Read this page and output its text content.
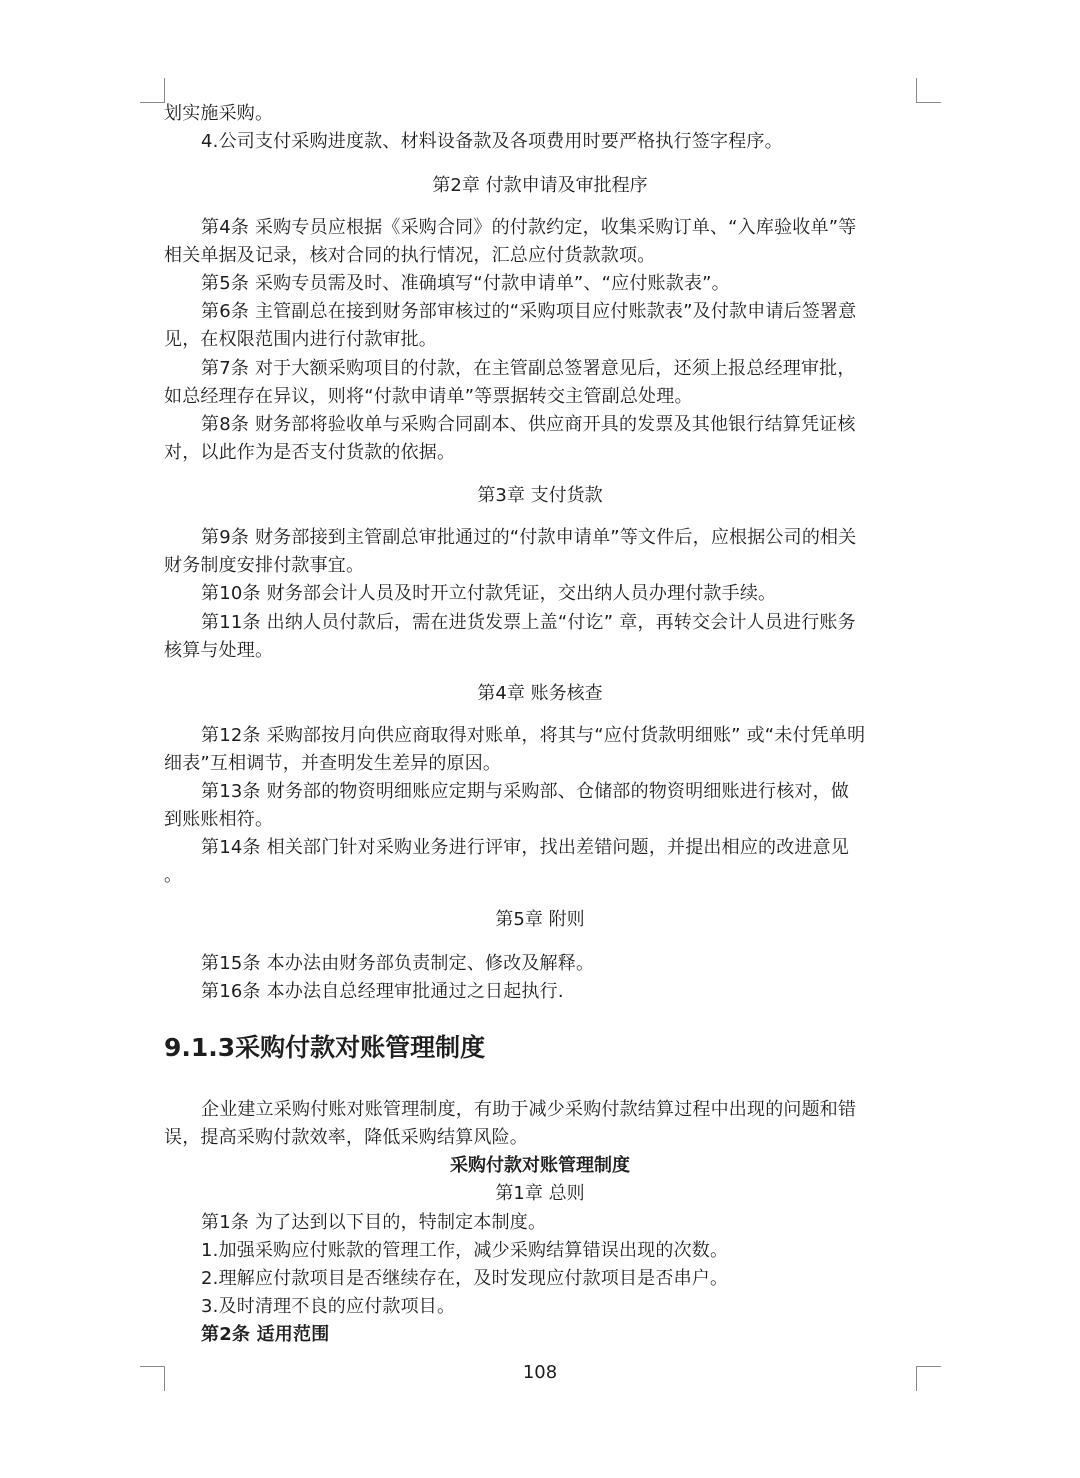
划实施采购。
4.公司支付采购进度款、材料设备款及各项费用时要严格执行签字程序。
第2章 付款申请及审批程序
第4条 采购专员应根据《采购合同》的付款约定，收集采购订单、“入库验收单”等
相关单据及记录，核对合同的执行情况，汇总应付货款款项。
第5条 采购专员需及时、准确填写“付款申请单”、“应付账款表”。
第6条 主管副总在接到财务部审核过的“采购项目应付账款表”及付款申请后签署意
见，在权限范围内进行付款审批。
第7条 对于大额采购项目的付款，在主管副总签署意见后，还须上报总经理审批，
如总经理存在异议，则将“付款申请单”等票据转交主管副总处理。
第8条 财务部将验收单与采购合同副本、供应商开具的发票及其他银行结算凭证核
对，以此作为是否支付货款的依据。
第3章 支付货款
第9条 财务部接到主管副总审批通过的“付款申请单”等文件后，应根据公司的相关
财务制度安排付款事宜。
第10条 财务部会计人员及时开立付款凭证，交出纳人员办理付款手续。
第11条 出纳人员付款后，需在进货发票上盖“付讫” 章，再转交会计人员进行账务
核算与处理。
第4章 账务核查
第12条 采购部按月向供应商取得对账单，将其与“应付货款明细账” 或“未付凭单明
细表”互相调节，并查明发生差异的原因。
第13条 财务部的物资明细账应定期与采购部、仓储部的物资明细账进行核对，做
到账账相符。
第14条 相关部门针对采购业务进行评审，找出差错问题，并提出相应的改进意见
。
第5章 附则
第15条 本办法由财务部负责制定、修改及解释。
第16条 本办法自总经理审批通过之日起执行.
9.1.3采购付款对账管理制度
企业建立采购付账对账管理制度，有助于减少采购付款结算过程中出现的问题和错
误，提高采购付款效率，降低采购结算风险。
采购付款对账管理制度
第1章 总则
第1条 为了达到以下目的，特制定本制度。
1.加强采购应付账款的管理工作，减少采购结算错误出现的次数。
2.理解应付款项目是否继续存在，及时发现应付款项目是否串户。
3.及时清理不良的应付款项目。
第2条 适用范围
108
